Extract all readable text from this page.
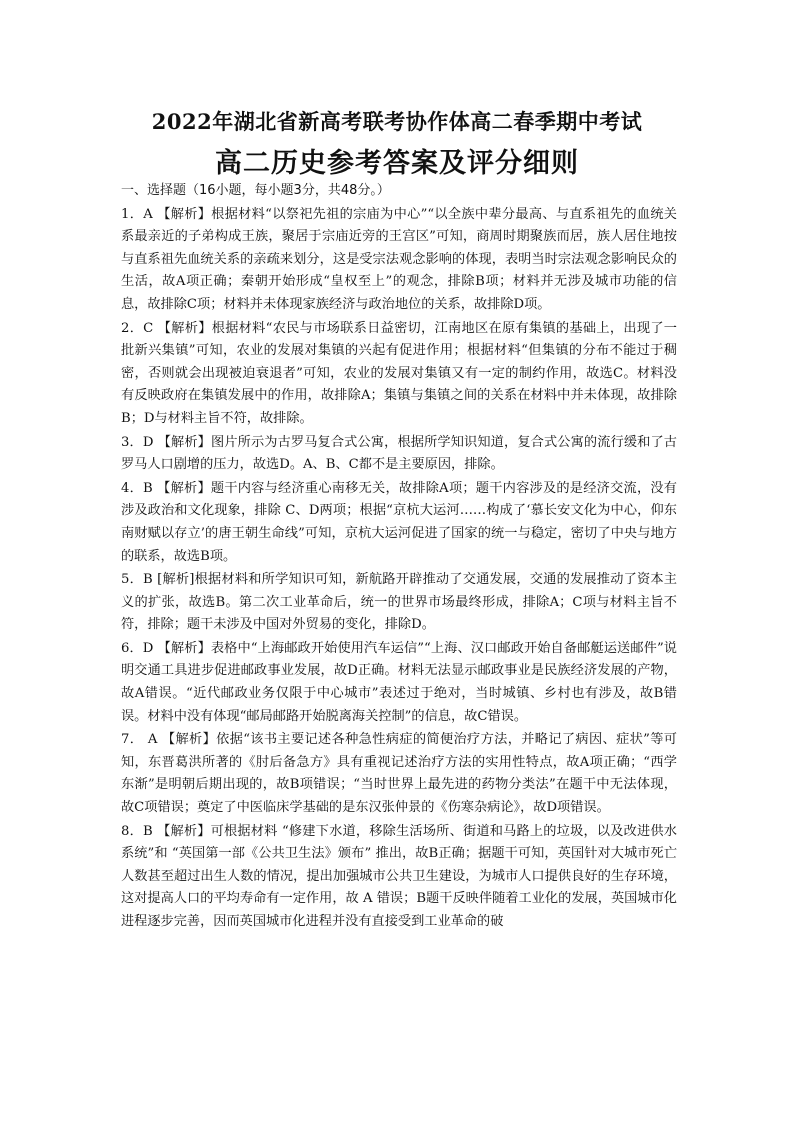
2022年湖北省新高考联考协作体高二春季期中考试
高二历史参考答案及评分细则
一、选择题（16小题，每小题3分，共48分。）
1．A 【解析】根据材料“以祭祀先祖的宗庙为中心”“以全族中辈分最高、与直系祖先的血统关系最亲近的子弟构成王族，聚居于宗庙近旁的王宫区”可知，商周时期聚族而居，族人居住地按与直系祖先血统关系的亲疏来划分，这是受宗法观念影响的体现，表明当时宗法观念影响民众的生活，故A项正确；秦朝开始形成“皇权至上”的观念，排除B项；材料并无涉及城市功能的信息，故排除C项；材料并未体现家族经济与政治地位的关系，故排除D项。
2．C 【解析】根据材料“农民与市场联系日益密切，江南地区在原有集镇的基础上，出现了一批新兴集镇”可知，农业的发展对集镇的兴起有促进作用；根据材料“但集镇的分布不能过于稠密，否则就会出现被迫衰退者”可知，农业的发展对集镇又有一定的制约作用，故选C。材料没有反映政府在集镇发展中的作用，故排除A；集镇与集镇之间的关系在材料中并未体现，故排除B；D与材料主旨不符，故排除。
3．D 【解析】图片所示为古罗马复合式公寓，根据所学知识知道，复合式公寓的流行缓和了古罗马人口剧增的压力，故选D。A、B、C都不是主要原因，排除。
4．B 【解析】题干内容与经济重心南移无关，故排除A项；题干内容涉及的是经济交流，没有涉及政治和文化现象，排除 C、D两项；根据“京杭大运河……构成了‘慕长安文化为中心，仰东南财赋以存立’的唐王朝生命线”可知，京杭大运河促进了国家的统一与稳定，密切了中央与地方的联系，故选B项。
5．B [解析]根据材料和所学知识可知，新航路开辟推动了交通发展，交通的发展推动了资本主义的扩张，故选B。第二次工业革命后，统一的世界市场最终形成，排除A；C项与材料主旨不符，排除；题干未涉及中国对外贸易的变化，排除D。
6．D 【解析】表格中“上海邮政开始使用汽车运信”“上海、汉口邮政开始自备邮艇运送邮件”说明交通工具进步促进邮政事业发展，故D正确。材料无法显示邮政事业是民族经济发展的产物，故A错误。“近代邮政业务仅限于中心城市”表述过于绝对，当时城镇、乡村也有涉及，故B错误。材料中没有体现“邮局邮路开始脱离海关控制”的信息，故C错误。
7． A 【解析】依据“该书主要记述各种急性病症的简便治疗方法，并略记了病因、症状”等可知，东晋葛洪所著的《肘后备急方》具有重视记述治疗方法的实用性特点，故A项正确；“西学东渐”是明朝后期出现的，故B项错误；“当时世界上最先进的药物分类法”在题干中无法体现，故C项错误；奠定了中医临床学基础的是东汉张仲景的《伤寒杂病论》，故D项错误。
8．B 【解析】可根据材料 “修建下水道，移除生活场所、街道和马路上的垃圾，以及改进供水系统”和 “英国第一部《公共卫生法》颁布” 推出，故B正确；据题干可知，英国针对大城市死亡人数甚至超过出生人数的情况，提出加强城市公共卫生建设，为城市人口提供良好的生存环境，这对提高人口的平均寿命有一定作用，故 A 错误；B题干反映伴随着工业化的发展，英国城市化进程逐步完善，因而英国城市化进程并没有直接受到工业革命的破
